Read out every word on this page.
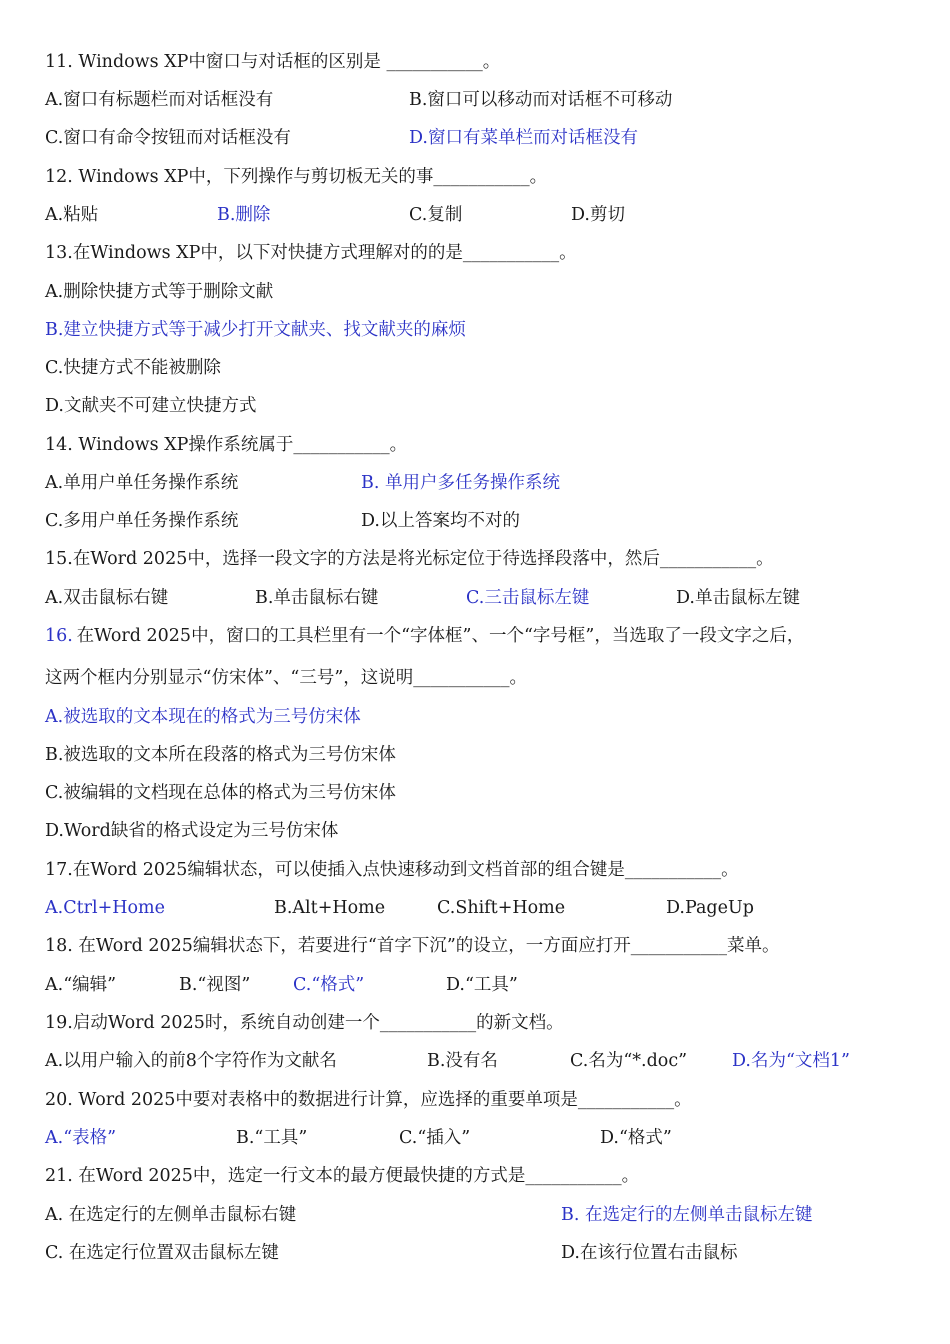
11. Windows XP中窗口与对话框的区别是 ___________。
A.窗口有标题栏而对话框没有	B.窗口可以移动而对话框不可移动
C.窗口有命令按钮而对话框没有	D.窗口有菜单栏而对话框没有
12. Windows XP中，下列操作与剪切板无关的事___________。
A.粘贴	B.删除	C.复制	D.剪切
13.在Windows XP中，以下对快捷方式理解对的的是___________。
A.删除快捷方式等于删除文献
B.建立快捷方式等于减少打开文献夹、找文献夹的麻烦
C.快捷方式不能被删除
D.文献夹不可建立快捷方式
14. Windows XP操作系统属于___________。
A.单用户单任务操作系统	B. 单用户多任务操作系统
C.多用户单任务操作系统	D.以上答案均不对的
15.在Word 2025中，选择一段文字的方法是将光标定位于待选择段落中，然后___________。
A.双击鼠标右键	B.单击鼠标右键	C.三击鼠标左键	D.单击鼠标左键
16.
在Word 2025中，窗口的工具栏里有一个“字体框”、一个“字号框”，当选取了一段文字之后，
这两个框内分别显示“仿宋体”、“三号”，这说明___________。
A.被选取的文本现在的格式为三号仿宋体
B.被选取的文本所在段落的格式为三号仿宋体
C.被编辑的文档现在总体的格式为三号仿宋体
D.Word缺省的格式设定为三号仿宋体
17.在Word 2025编辑状态，可以使插入点快速移动到文档首部的组合键是___________。
A.Ctrl+Home	B.Alt+Home	C.Shift+Home	D.PageUp
18. 在Word 2025编辑状态下，若要进行“首字下沉”的设立，一方面应打开___________菜单。
A.“编辑”	B.“视图” C.“格式”	D.“工具”
19.启动Word 2025时，系统自动创建一个___________的新文档。
A.以用户输入的前8个字符作为文献名	B.没有名	C.名为“*.doc”	D.名为“文档1”
20. Word 2025中要对表格中的数据进行计算，应选择的重要单项是___________。
A.“表格”	B.“工具”	C.“插入”	D.“格式”
21. 在Word 2025中，选定一行文本的最方便最快捷的方式是___________。
A. 在选定行的左侧单击鼠标右键	B. 在选定行的左侧单击鼠标左键
C. 在选定行位置双击鼠标左键	D.在该行位置右击鼠标
